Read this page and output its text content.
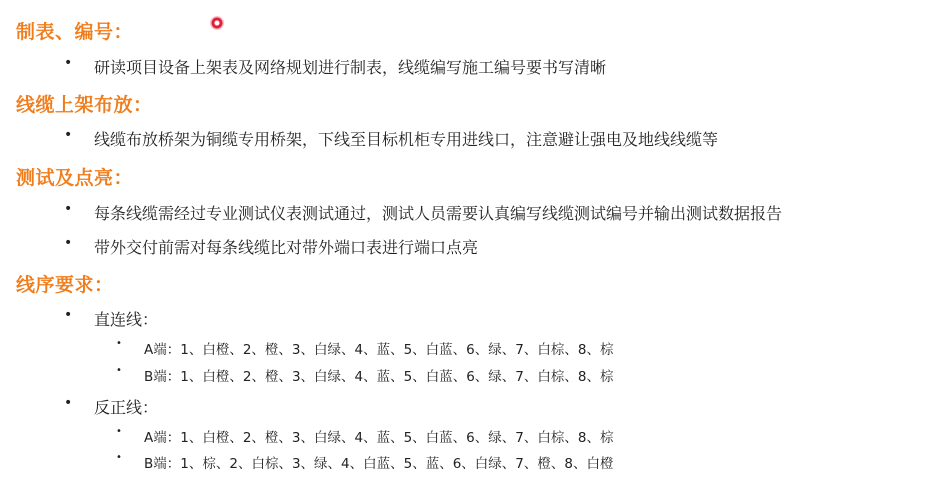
制表、编号：
• 研读项目设备上架表及网络规划进行制表，线缆编写施工编号要书写清晰
线缆上架布放：
• 线缆布放桥架为铜缆专用桥架，下线至目标机柜专用进线口，注意避让强电及地线线缆等
测试及点亮：
• 每条线缆需经过专业测试仪表测试通过，测试人员需要认真编写线缆测试编号并输出测试数据报告
• 带外交付前需对每条线缆比对带外端口表进行端口点亮
线序要求：
• 直连线：
• A端：1、白橙、2、橙、3、白绿、4、蓝、5、白蓝、6、绿、7、白棕、8、棕
• B端：1、白橙、2、橙、3、白绿、4、蓝、5、白蓝、6、绿、7、白棕、8、棕
• 反正线：
• A端：1、白橙、2、橙、3、白绿、4、蓝、5、白蓝、6、绿、7、白棕、8、棕
• B端：1、棕、2、白棕、3、绿、4、白蓝、5、蓝、6、白绿、7、橙、8、白橙
